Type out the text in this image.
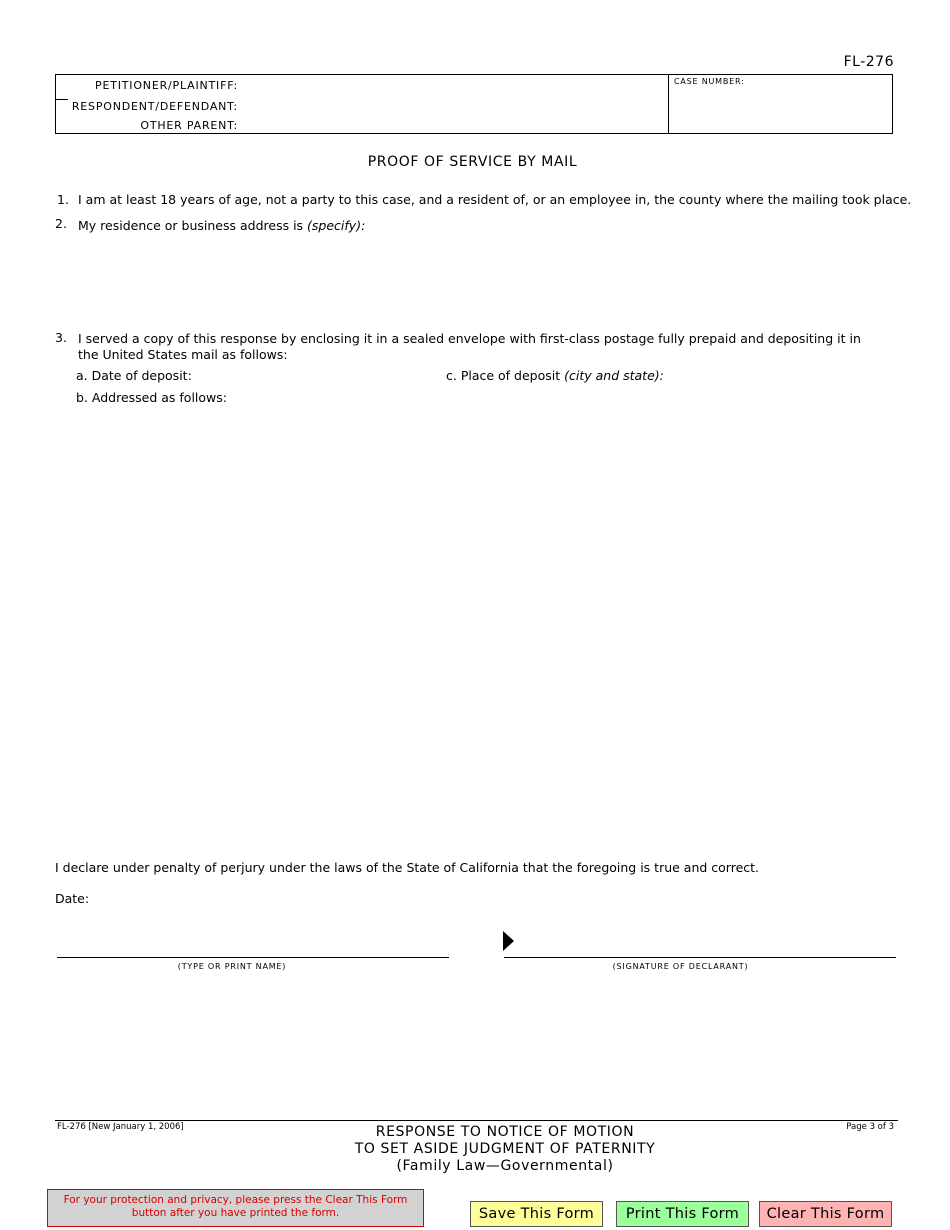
FL-276
PETITIONER/PLAINTIFF:
RESPONDENT/DEFENDANT:
OTHER PARENT:
CASE NUMBER:
PROOF OF SERVICE BY MAIL
1. I am at least 18 years of age, not a party to this case, and a resident of, or an employee in, the county where the mailing took place.
2. My residence or business address is (specify):
3. I served a copy of this response by enclosing it in a sealed envelope with first-class postage fully prepaid and depositing it in
the United States mail as follows:
a. Date of deposit:	c. Place of deposit (city and state):
b. Addressed as follows:
I declare under penalty of perjury under the laws of the State of California that the foregoing is true and correct.
Date:
(TYPE OR PRINT NAME)	(SIGNATURE OF DECLARANT)
FL-276 [New January 1, 2006]	Page 3 of 3
RESPONSE TO NOTICE OF MOTION
TO SET ASIDE JUDGMENT OF PATERNITY
(Family Law—Governmental)
For your protection and privacy, please press the Clear This Form
button after you have printed the form.	Save This Form	Print This Form	Clear This Form
